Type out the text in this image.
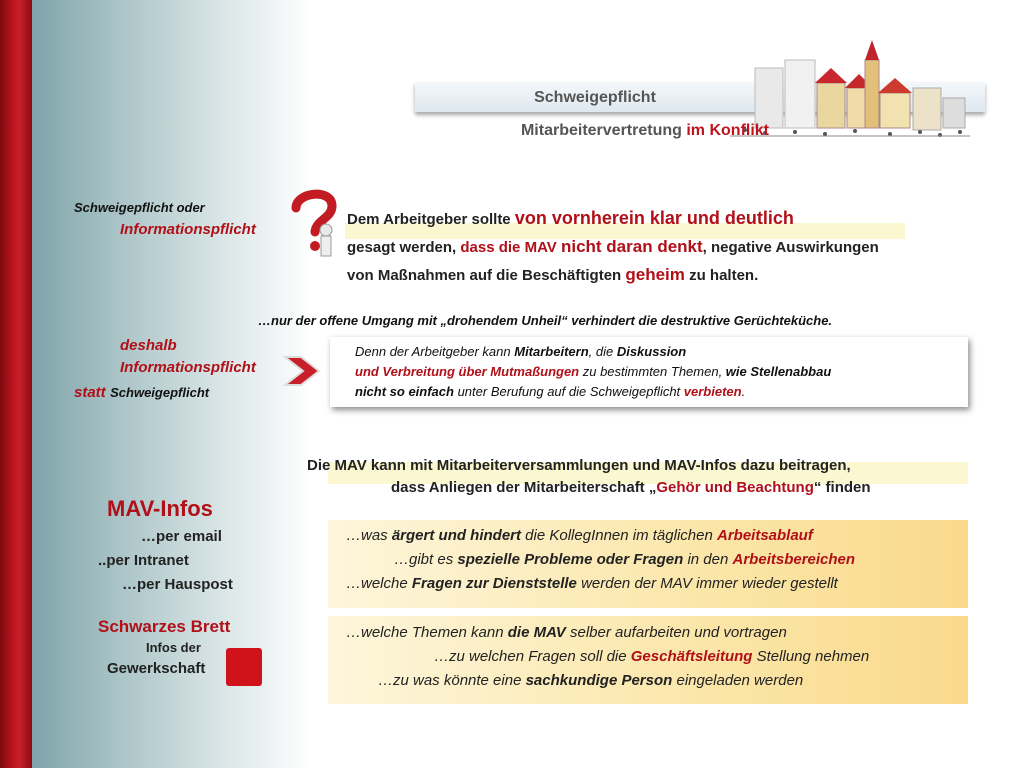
Schweigepflicht
Mitarbeitervertretung im Konflikt
Schweigepflicht oder
Informationspflicht
Dem Arbeitgeber sollte von vornherein klar und deutlich
gesagt werden, dass die MAV nicht daran denkt, negative Auswirkungen
von Maßnahmen auf die Beschäftigten geheim zu halten.
…nur der offene Umgang mit „drohendem Unheil“ verhindert die destruktive Gerüchteküche.
deshalb
Informationspflicht
statt Schweigepflicht
Denn der Arbeitgeber kann Mitarbeitern, die Diskussion
und Verbreitung über Mutmaßungen zu bestimmten Themen, wie Stellenabbau
nicht so einfach unter Berufung auf die Schweigepflicht verbieten.
Die MAV kann mit Mitarbeiterversammlungen und MAV-Infos dazu beitragen,
dass Anliegen der Mitarbeiterschaft „Gehör und Beachtung“ finden
MAV-Infos
…per email
..per Intranet
…per Hauspost
Schwarzes Brett
Infos der
Gewerkschaft
…was ärgert und hindert die KollegInnen im täglichen Arbeitsablauf
…gibt es spezielle Probleme oder Fragen in den Arbeitsbereichen
…welche Fragen zur Dienststelle werden der MAV immer wieder gestellt
…welche Themen kann die MAV selber aufarbeiten und vortragen
…zu welchen Fragen soll die Geschäftsleitung Stellung nehmen
…zu was könnte eine sachkundige Person eingeladen werden
